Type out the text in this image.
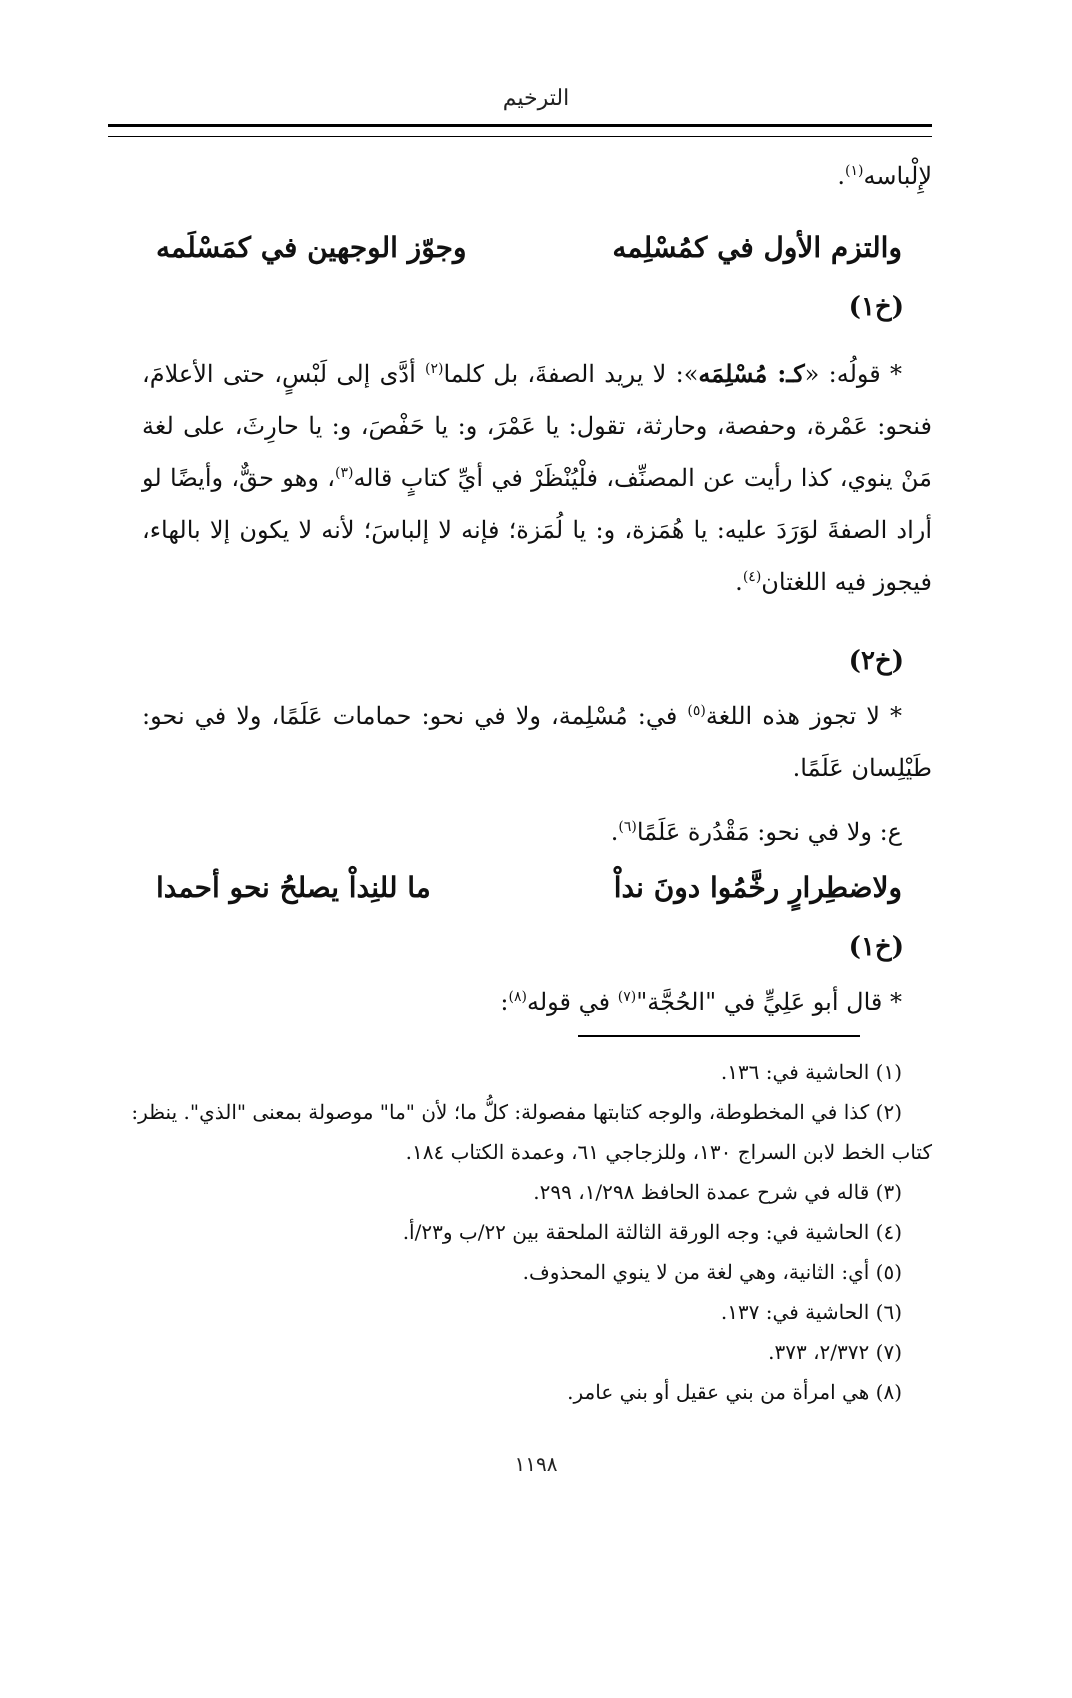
الترخيم
لإِلْباسه$^{(١)}$.
والتزم الأول في كمُسْلِمه
وجوّز الوجهين في كمَسْلَمه
(خ١)
* قولُه: «كـ: مُسْلِمَه»: لا يريد الصفةَ، بل كلما$^{(٢)}$ أدَّى إلى لَبْسٍ، حتى الأعلامَ،
فنحو: عَمْرة، وحفصة، وحارثة، تقول: يا عَمْرَ، و: يا حَفْصَ، و: يا حارِثَ، على لغة
مَنْ ينوي، كذا رأيت عن المصنِّف، فلْيُنْظَرْ في أيِّ كتابٍ قاله$^{(٣)}$، وهو حقٌّ، وأيضًا لو
أراد الصفةَ لوَرَدَ عليه: يا هُمَزة، و: يا لُمَزة؛ فإنه لا إلباسَ؛ لأنه لا يكون إلا بالهاء،
فيجوز فيه اللغتان$^{(٤)}$.
(خ٢)
* لا تجوز هذه اللغة$^{(٥)}$ في: مُسْلِمة، ولا في نحو: حمامات عَلَمًا، ولا في نحو:
طَيْلِسان عَلَمًا.
ع: ولا في نحو: مَقْدُرة عَلَمًا$^{(٦)}$.
ولاضطِرارٍ رخَّمُوا دونَ نداْ
ما للنِداْ يصلحُ نحو أحمدا
(خ١)
* قال أبو عَلِيٍّ في "الحُجَّة"$^{(٧)}$ في قوله$^{(٨)}$:
(١) الحاشية في: ١٣٦.
(٢) كذا في المخطوطة، والوجه كتابتها مفصولة: كلُّ ما؛ لأن "ما" موصولة بمعنى "الذي". ينظر:
كتاب الخط لابن السراج ١٣٠، وللزجاجي ٦١، وعمدة الكتاب ١٨٤.
(٣) قاله في شرح عمدة الحافظ ١/٢٩٨، ٢٩٩.
(٤) الحاشية في: وجه الورقة الثالثة الملحقة بين ٢٢/ب و٢٣/أ.
(٥) أي: الثانية، وهي لغة من لا ينوي المحذوف.
(٦) الحاشية في: ١٣٧.
(٧) ٢/٣٧٢، ٣٧٣.
(٨) هي امرأة من بني عقيل أو بني عامر.
١١٩٨
